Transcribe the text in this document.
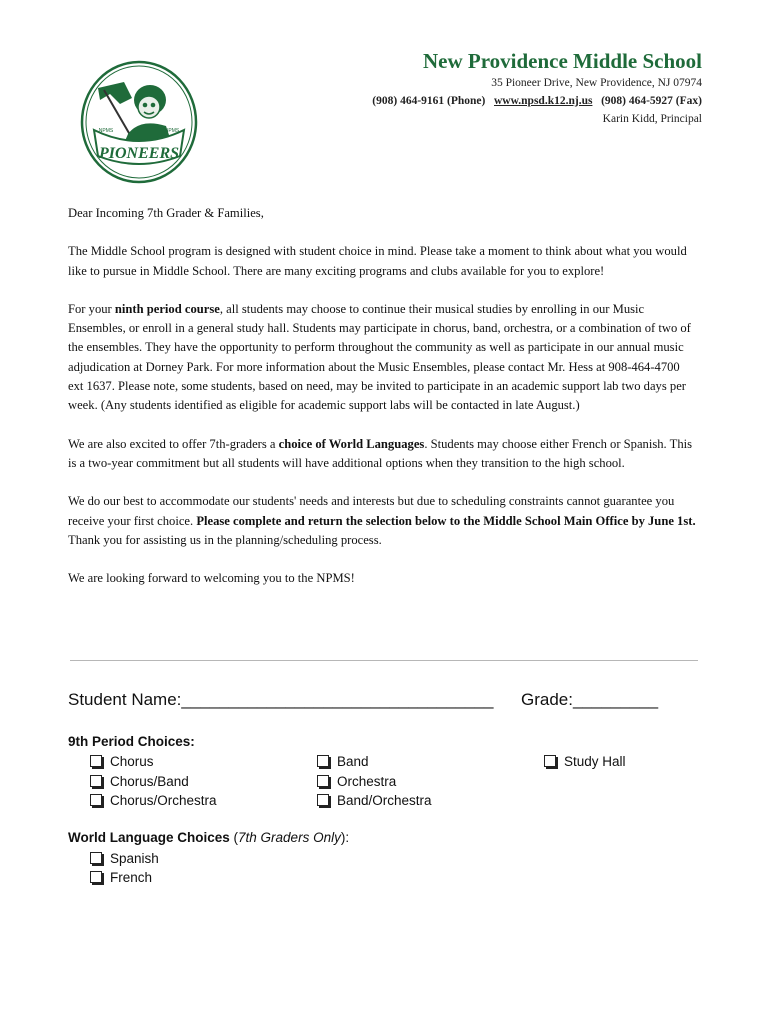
PIONEERS
NPMS	NPMS
New Providence Middle School
35 Pioneer Drive, New Providence, NJ 07974
(908) 464-9161 (Phone) www.npsd.k12.nj.us (908) 464-5927 (Fax)
Karin Kidd, Principal

Dear Incoming 7th Grader & Families,

The Middle School program is designed with student choice in mind. Please take a moment to think about what you would like to pursue in Middle School. There are many exciting programs and clubs available for you to explore!

For your ninth period course, all students may choose to continue their musical studies by enrolling in our Music Ensembles, or enroll in a general study hall. Students may participate in chorus, band, orchestra, or a combination of two of the ensembles. They have the opportunity to perform throughout the community as well as participate in our annual music adjudication at Dorney Park. For more information about the Music Ensembles, please contact Mr. Hess at 908-464-4700 ext 1637. Please note, some students, based on need, may be invited to participate in an academic support lab two days per week. (Any students identified as eligible for academic support labs will be contacted in late August.)

We are also excited to offer 7th-graders a choice of World Languages. Students may choose either French or Spanish. This is a two-year commitment but all students will have additional options when they transition to the high school.

We do our best to accommodate our students' needs and interests but due to scheduling constraints cannot guarantee you receive your first choice. Please complete and return the selection below to the Middle School Main Office by June 1st. Thank you for assisting us in the planning/scheduling process.

We are looking forward to welcoming you to the NPMS!

Student Name:_________________________________ Grade:_________
9th Period Choices:
Chorus
Chorus/Band
Chorus/Orchestra
Band
Orchestra
Band/Orchestra
Study Hall
World Language Choices (7th Graders Only):
Spanish
French
